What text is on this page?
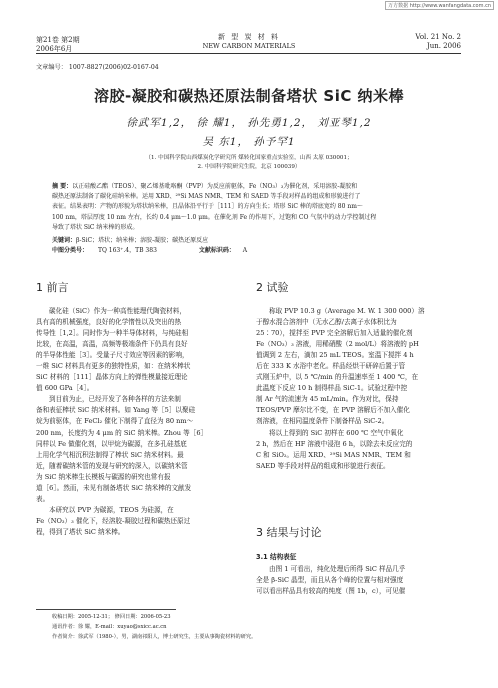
万方数据 http://www.wanfangdata.com.cn
第21卷 第2期
2006年6月
新 型 炭 材 料
NEW CARBON MATERIALS
Vol. 21 No. 2
Jun. 2006
文章编号： 1007-8827(2006)02-0167-04
溶胶-凝胶和碳热还原法制备塔状 SiC 纳米棒
徐武军1,2， 徐 耀1， 孙先勇1,2， 刘亚琴1,2
吴 东1， 孙予罕1
（1. 中国科学院山西煤炭化学研究所 煤转化国家重点实验室，山西 太原 030001；
2. 中国科学院研究生院，北京 100039）
摘 要：以正硅酸乙酯（TEOS）、聚乙烯基吡咯酮（PVP）为反应前驱体，Fe（NO₃）₃为催化剂，采用溶胶-凝胶和
碳热还原法制备了碳化硅纳米棒。运用 XRD、²⁹Si MAS NMR、TEM 和 SAED 等手段对样品的组成和形貌进行了
表征。结果表明：产物的形貌为塔状纳米棒，且晶体沿平行于［111］的方向生长；塔形 SiC 棒的塔底宽约 80 nm～
100 nm，塔层厚度 10 nm 左右，长约 0.4 μm～1.0 μm。在催化剂 Fe 的作用下，过饱和 CO 气氛中的动力学控制过程
导致了塔状 SiC 纳米棒的形成。
关键词：β-SiC；塔状；纳米棒；溶胶-凝胶；碳热还原反应
中图分类号： TQ 163⁺.4，TB 383	文献标识码： A
1 前言

碳化硅（SiC）作为一种高性能理代陶瓷材料，
具有高的机械强度，良好的化学惰性以及突出的热
传导性［1,2］。同时作为一种半导体材料，与纯硅相
比较，在高温，高温，高频等极端条件下仍具有良好
的半导体性能［3］。受量子尺寸效应等因素的影响，
一维 SiC 材料具有更多的独特性质，如：在纳米棒状
SiC 材料的［111］晶体方向上的弹性模量接近理论
值 600 GPa［4］。

到目前为止，已经开发了各种各样的方法来制
备和表征棒状 SiC 纳米材料。如 Yang 等［5］以聚硅
烷为前驱体，在 FeCl₂ 催化下制得了直径为 80 nm～
200 nm，长度约为 4 μm 的 SiC 纳米棒。Zhou 等［6］
同样以 Fe 做催化剂，以甲烷为碳源，在多孔硅基底
上用化学气相沉积法制得了棒状 SiC 纳米材料。最
近，随着碳纳米管的发现与研究的深入，以碳纳米管
为 SiC 纳米棒生长模板与碳源的研究也常有报
道［6］。然而，未见有制备塔状 SiC 纳米棒的文献发
表。

本研究以 PVP 为碳源，TEOS 为硅源，在
Fe（NO₃）₃ 催化下，经溶胶-凝胶过程和碳热还原过
程，得到了塔状 SiC 纳米棒。

2 试验

称取 PVP 10.3 g（Average M. W. 1 300 000）溶
于醇水混合溶剂中（无水乙醇/去离子水体积比为
25∶70），搅拌至 PVP 完全溶解后加入适量的催化剂
Fe（NO₃）₃ 溶液，用稀硝酸（2 mol/L）将溶液的 pH
值调到 2 左右，滴加 25 mL TEOS。室温下搅拌 4 h
后在 333 K 水浴中老化。样品经烘干研碎后置于管
式刚玉炉中，以 5 ℃/min 的升温速率至 1 400 ℃，在
此温度下反应 10 h 制得样品 SiC-1。试验过程中控
制 Ar 气的流速为 45 mL/min。作为对比，保持
TEOS/PVP 摩尔比不变，在 PVP 溶解后不加入催化
剂溶液，在相同温度条件下制备样品 SiC-2。

将以上得到的 SiC 初样在 600 ℃ 空气中氧化
2 h，然后在 HF 溶液中浸泡 6 h，以除去未反应完的
C 和 SiO₂。运用 XRD、²⁹Si MAS NMR、TEM 和
SAED 等手段对样品的组成和形貌进行表征。

3 结果与讨论
3.1 结构表征

由图 1 可看出，纯化处理后所得 SiC 样品几乎
全是 β-SiC 晶型，而且从各个峰的位置与相对强度
可以看出样品具有较高的纯度（图 1b，c），可见催

收稿日期：2005-12-31； 修回日期：2006-05-23
通讯作者：徐 耀，E-mail：xuyao@sxicc.ac.cn
作者简介：徐武军（1980-），男，湖南祁阳人，博士研究生，主要从事陶瓷材料的研究。
